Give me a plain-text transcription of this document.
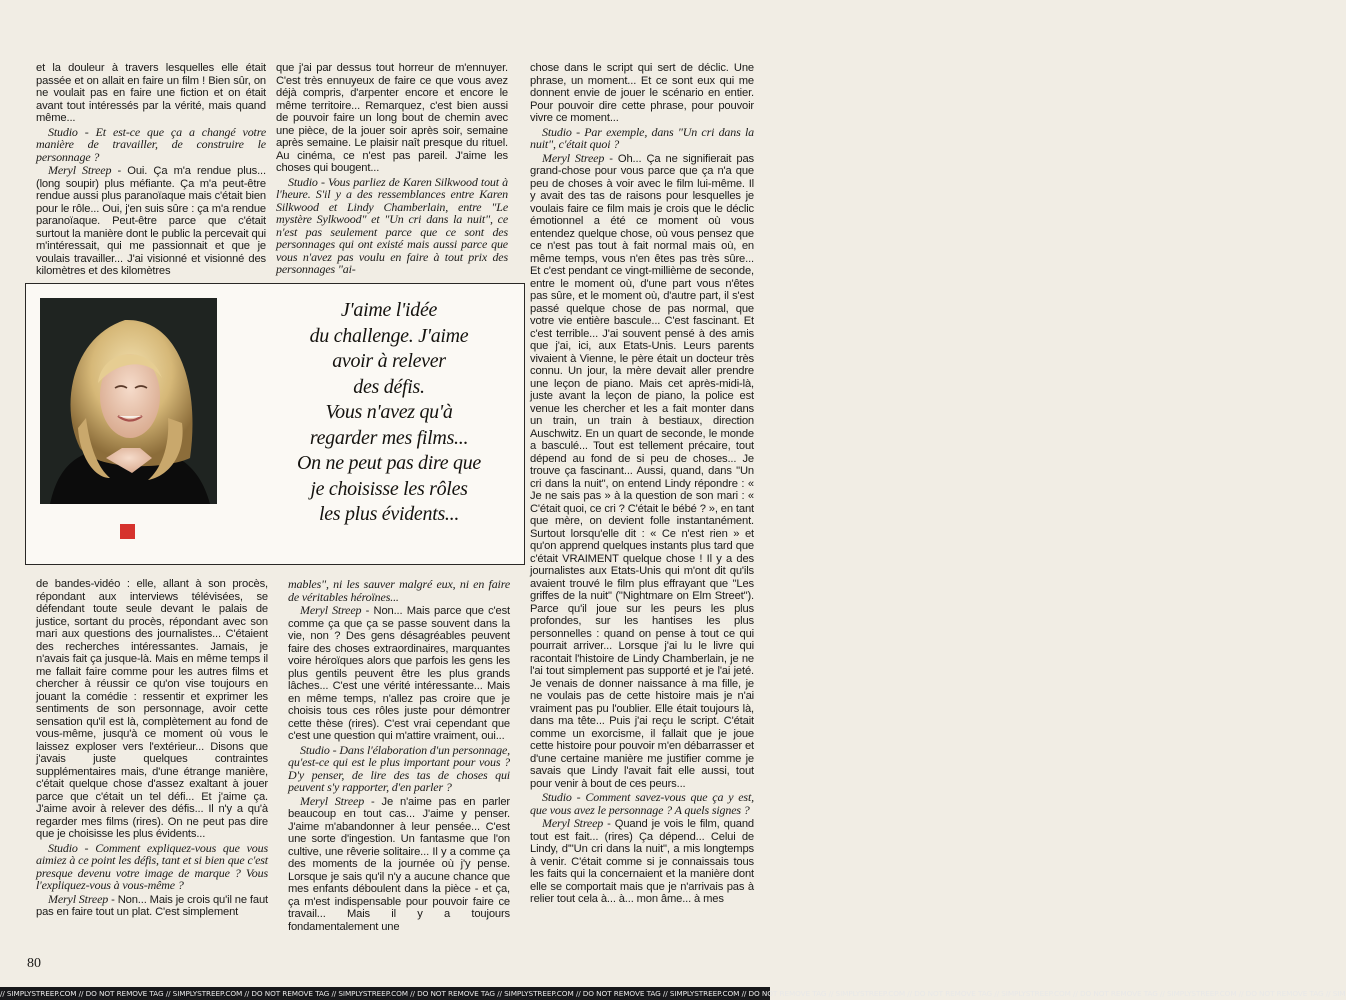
et la douleur à travers lesquelles elle était passée et on allait en faire un film ! Bien sûr, on ne voulait pas en faire une fiction et on était avant tout intéressés par la vérité, mais quand même...

Studio - Et est-ce que ça a changé votre manière de travailler, de construire le personnage ?

Meryl Streep - Oui. Ça m'a rendue plus... (long soupir) plus méfiante. Ça m'a peut-être rendue aussi plus paranoïaque mais c'était bien pour le rôle... Oui, j'en suis sûre : ça m'a rendue paranoïaque. Peut-être parce que c'était surtout la manière dont le public la percevait qui m'intéressait, qui me passionnait et que je voulais travailler... J'ai visionné et visionné des kilomètres et des kilomètres

que j'ai par dessus tout horreur de m'ennuyer. C'est très ennuyeux de faire ce que vous avez déjà compris, d'arpenter encore et encore le même territoire... Remarquez, c'est bien aussi de pouvoir faire un long bout de chemin avec une pièce, de la jouer soir après soir, semaine après semaine. Le plaisir naît presque du rituel. Au cinéma, ce n'est pas pareil. J'aime les choses qui bougent...

Studio - Vous parliez de Karen Silkwood tout à l'heure. S'il y a des ressemblances entre Karen Silkwood et Lindy Chamberlain, entre "Le mystère Sylkwood" et "Un cri dans la nuit", ce n'est pas seulement parce que ce sont des personnages qui ont existé mais aussi parce que vous n'avez pas voulu en faire à tout prix des personnages "ai-

chose dans le script qui sert de déclic. Une phrase, un moment... Et ce sont eux qui me donnent envie de jouer le scénario en entier. Pour pouvoir dire cette phrase, pour pouvoir vivre ce moment...

Studio - Par exemple, dans "Un cri dans la nuit", c'était quoi ?

Meryl Streep - Oh... Ça ne signifierait pas grand-chose pour vous parce que ça n'a que peu de choses à voir avec le film lui-même. Il y avait des tas de raisons pour lesquelles je voulais faire ce film mais je crois que le déclic émotionnel a été ce moment où vous entendez quelque chose, où vous pensez que ce n'est pas tout à fait normal mais où, en même temps, vous n'en êtes pas très sûre... Et c'est pendant ce vingt-millième de seconde, entre le moment où, d'une part vous n'êtes pas sûre, et le moment où, d'autre part, il s'est passé quelque chose de pas normal, que votre vie entière bascule... C'est fascinant. Et c'est terrible... J'ai souvent pensé à des amis que j'ai, ici, aux Etats-Unis. Leurs parents vivaient à Vienne, le père était un docteur très connu. Un jour, la mère devait aller prendre une leçon de piano. Mais cet après-midi-là, juste avant la leçon de piano, la police est venue les chercher et les a fait monter dans un train, un train à bestiaux, direction Auschwitz. En un quart de seconde, le monde a basculé... Tout est tellement précaire, tout dépend au fond de si peu de choses... Je trouve ça fascinant... Aussi, quand, dans "Un cri dans la nuit", on entend Lindy répondre : « Je ne sais pas » à la question de son mari : « C'était quoi, ce cri ? C'était le bébé ? », en tant que mère, on devient folle instantanément. Surtout lorsqu'elle dit : « Ce n'est rien » et qu'on apprend quelques instants plus tard que c'était VRAIMENT quelque chose ! Il y a des journalistes aux Etats-Unis qui m'ont dit qu'ils avaient trouvé le film plus effrayant que "Les griffes de la nuit" ("Nightmare on Elm Street"). Parce qu'il joue sur les peurs les plus profondes, sur les hantises les plus personnelles : quand on pense à tout ce qui pourrait arriver... Lorsque j'ai lu le livre qui racontait l'histoire de Lindy Chamberlain, je ne l'ai tout simplement pas supporté et je l'ai jeté. Je venais de donner naissance à ma fille, je ne voulais pas de cette histoire mais je n'ai vraiment pas pu l'oublier. Elle était toujours là, dans ma tête... Puis j'ai reçu le script. C'était comme un exorcisme, il fallait que je joue cette histoire pour pouvoir m'en débarrasser et d'une certaine manière me justifier comme je savais que Lindy l'avait fait elle aussi, tout pour venir à bout de ces peurs...

Studio - Comment savez-vous que ça y est, que vous avez le personnage ? A quels signes ?

Meryl Streep - Quand je vois le film, quand tout est fait... (rires) Ça dépend... Celui de Lindy, d'"Un cri dans la nuit", a mis longtemps à venir. C'était comme si je connaissais tous les faits qui la concernaient et la manière dont elle se comportait mais que je n'arrivais pas à relier tout cela à... à... mon âme... à mes

J'aime l'idée
du challenge. J'aime
avoir à relever
des défis.
Vous n'avez qu'à
regarder mes films...
On ne peut pas dire que
je choisisse les rôles
les plus évidents...

de bandes-vidéo : elle, allant à son procès, répondant aux interviews télévisées, se défendant toute seule devant le palais de justice, sortant du procès, répondant avec son mari aux questions des journalistes... C'étaient des recherches intéressantes. Jamais, je n'avais fait ça jusque-là. Mais en même temps il me fallait faire comme pour les autres films et chercher à réussir ce qu'on vise toujours en jouant la comédie : ressentir et exprimer les sentiments de son personnage, avoir cette sensation qu'il est là, complètement au fond de vous-même, jusqu'à ce moment où vous le laissez exploser vers l'extérieur... Disons que j'avais juste quelques contraintes supplémentaires mais, d'une étrange manière, c'était quelque chose d'assez exaltant à jouer parce que c'était un tel défi... Et j'aime ça. J'aime avoir à relever des défis... Il n'y a qu'à regarder mes films (rires). On ne peut pas dire que je choisisse les plus évidents...

Studio - Comment expliquez-vous que vous aimiez à ce point les défis, tant et si bien que c'est presque devenu votre image de marque ? Vous l'expliquez-vous à vous-même ?

Meryl Streep - Non... Mais je crois qu'il ne faut pas en faire tout un plat. C'est simplement

mables", ni les sauver malgré eux, ni en faire de véritables héroïnes...

Meryl Streep - Non... Mais parce que c'est comme ça que ça se passe souvent dans la vie, non ? Des gens désagréables peuvent faire des choses extraordinaires, marquantes voire héroïques alors que parfois les gens les plus gentils peuvent être les plus grands lâches... C'est une vérité intéressante... Mais en même temps, n'allez pas croire que je choisis tous ces rôles juste pour démontrer cette thèse (rires). C'est vrai cependant que c'est une question qui m'attire vraiment, oui...

Studio - Dans l'élaboration d'un personnage, qu'est-ce qui est le plus important pour vous ? D'y penser, de lire des tas de choses qui peuvent s'y rapporter, d'en parler ?

Meryl Streep - Je n'aime pas en parler beaucoup en tout cas... J'aime y penser. J'aime m'abandonner à leur pensée... C'est une sorte d'ingestion. Un fantasme que l'on cultive, une rêverie solitaire... Il y a comme ça des moments de la journée où j'y pense. Lorsque je sais qu'il n'y a aucune chance que mes enfants déboulent dans la pièce - et ça, ça m'est indispensable pour pouvoir faire ce travail... Mais il y a toujours fondamentalement une

80
// SIMPLYSTREEP.COM // DO NOT REMOVE TAG // SIMPLYSTREEP.COM // DO NOT REMOVE TAG // SIMPLYSTREEP.COM // DO NOT REMOVE TAG // SIMPLYSTREEP.COM // DO NOT REMOVE TAG // SIMPLYSTREEP.COM // DO NOT REMOVE TAG // SIMPLYSTREEP.COM // DO NOT REMOVE TAG // SIMPLYSTREEP.COM // DO NOT REMOVE TAG // SIMPLYSTREEP.COM // DO NOT REMOVE TAG // SIM
